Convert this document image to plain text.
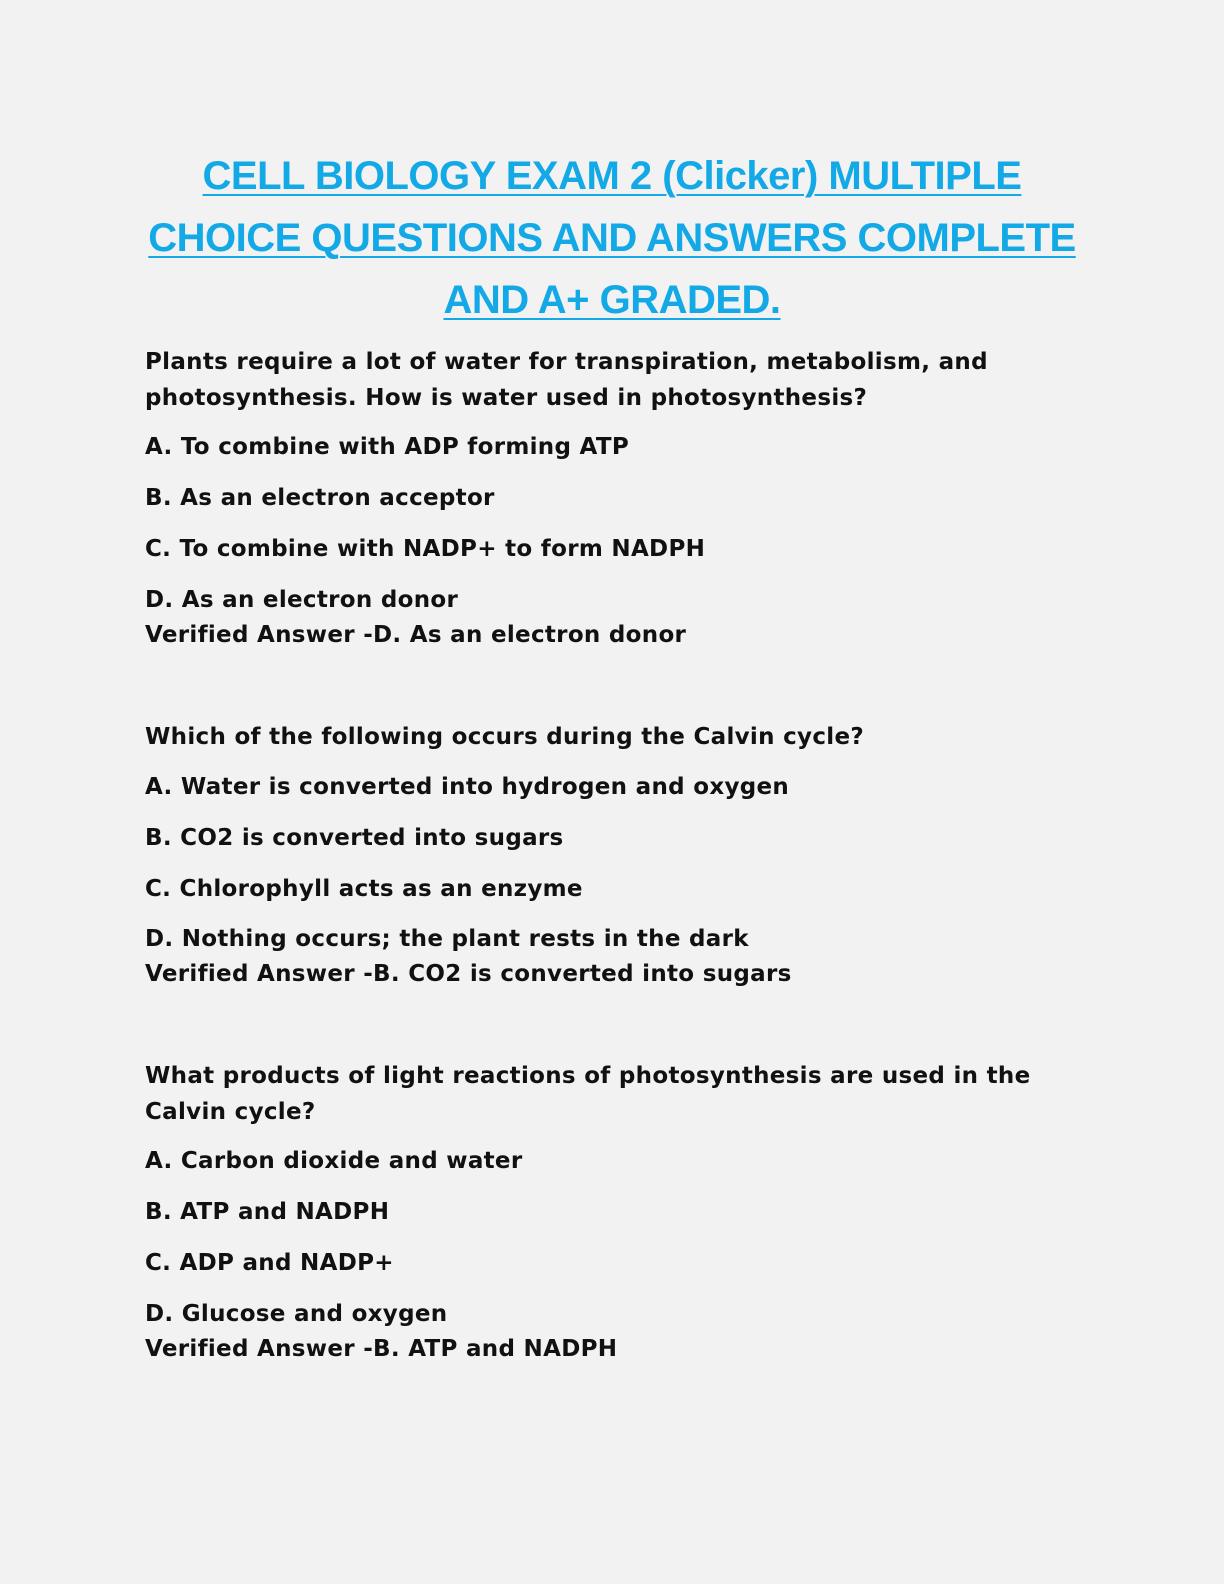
CELL BIOLOGY EXAM 2 (Clicker) MULTIPLE CHOICE QUESTIONS AND ANSWERS COMPLETE AND A+ GRADED.
Plants require a lot of water for transpiration, metabolism, and photosynthesis. How is water used in photosynthesis?
A. To combine with ADP forming ATP
B. As an electron acceptor
C. To combine with NADP+ to form NADPH
D. As an electron donor
Verified Answer -D. As an electron donor
Which of the following occurs during the Calvin cycle?
A. Water is converted into hydrogen and oxygen
B. CO2 is converted into sugars
C. Chlorophyll acts as an enzyme
D. Nothing occurs; the plant rests in the dark
Verified Answer -B. CO2 is converted into sugars
What products of light reactions of photosynthesis are used in the Calvin cycle?
A. Carbon dioxide and water
B. ATP and NADPH
C. ADP and NADP+
D. Glucose and oxygen
Verified Answer -B. ATP and NADPH
